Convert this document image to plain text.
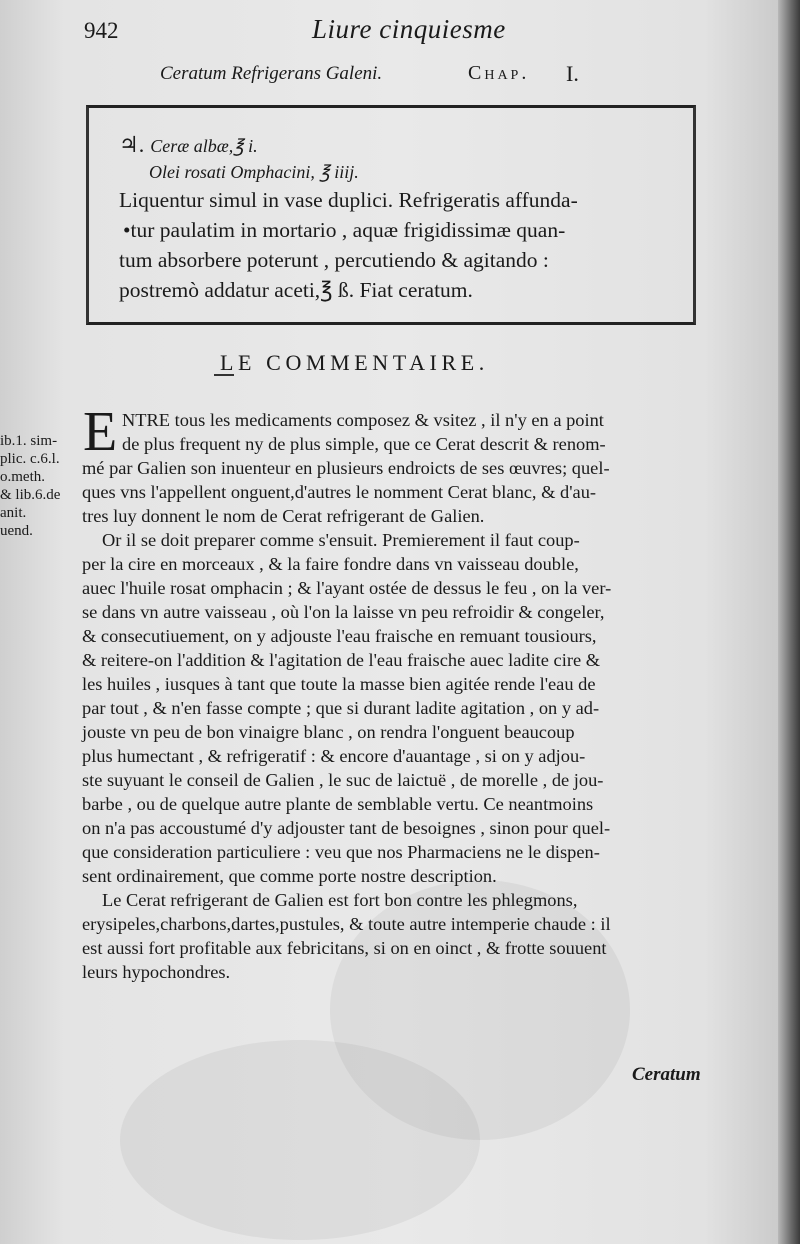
942	Liure cinquiesme
Ceratum Refrigerans Galeni.	Chap. I.
♃. Ceræ albæ,℥ i.
Olei rosati Omphacini, ℥ iiij.
Liquentur simul in vase duplici. Refrigeratis affunda-
•tur paulatim in mortario , aquæ frigidissimæ quan-
tum absorbere poterunt , percutiendo & agitando :
postremò addatur aceti,℥ ß. Fiat ceratum.
LE COMMENTAIRE.
ib.1. sim-
plic. c.6.l.
o.meth.
& lib.6.de
anit.
uend.
E NTRE tous les medicaments composez & vsitez , il n'y en a point
de plus frequent ny de plus simple, que ce Cerat descrit & renom-
mé par Galien son inuenteur en plusieurs endroicts de ses œuvres; quel-
ques vns l'appellent onguent,d'autres le nomment Cerat blanc, & d'au-
tres luy donnent le nom de Cerat refrigerant de Galien.
Or il se doit preparer comme s'ensuit. Premierement il faut coup-
per la cire en morceaux , & la faire fondre dans vn vaisseau double,
auec l'huile rosat omphacin ; & l'ayant ostée de dessus le feu , on la ver-
se dans vn autre vaisseau , où l'on la laisse vn peu refroidir & congeler,
& consecutiuement, on y adjouste l'eau fraische en remuant tousiours,
& reitere-on l'addition & l'agitation de l'eau fraische auec ladite cire &
les huiles , iusques à tant que toute la masse bien agitée rende l'eau de
par tout , & n'en fasse compte ; que si durant ladite agitation , on y ad-
jouste vn peu de bon vinaigre blanc , on rendra l'onguent beaucoup
plus humectant , & refrigeratif : & encore d'auantage , si on y adjou-
ste suyuant le conseil de Galien , le suc de laictuë , de morelle , de jou-
barbe , ou de quelque autre plante de semblable vertu. Ce neantmoins
on n'a pas accoustumé d'y adjouster tant de besoignes , sinon pour quel-
que consideration particuliere : veu que nos Pharmaciens ne le dispen-
sent ordinairement, que comme porte nostre description.
Le Cerat refrigerant de Galien est fort bon contre les phlegmons,
erysipeles,charbons,dartes,pustules, & toute autre intemperie chaude : il
est aussi fort profitable aux febricitans, si on en oinct , & frotte souuent
leurs hypochondres.
Ceratum
